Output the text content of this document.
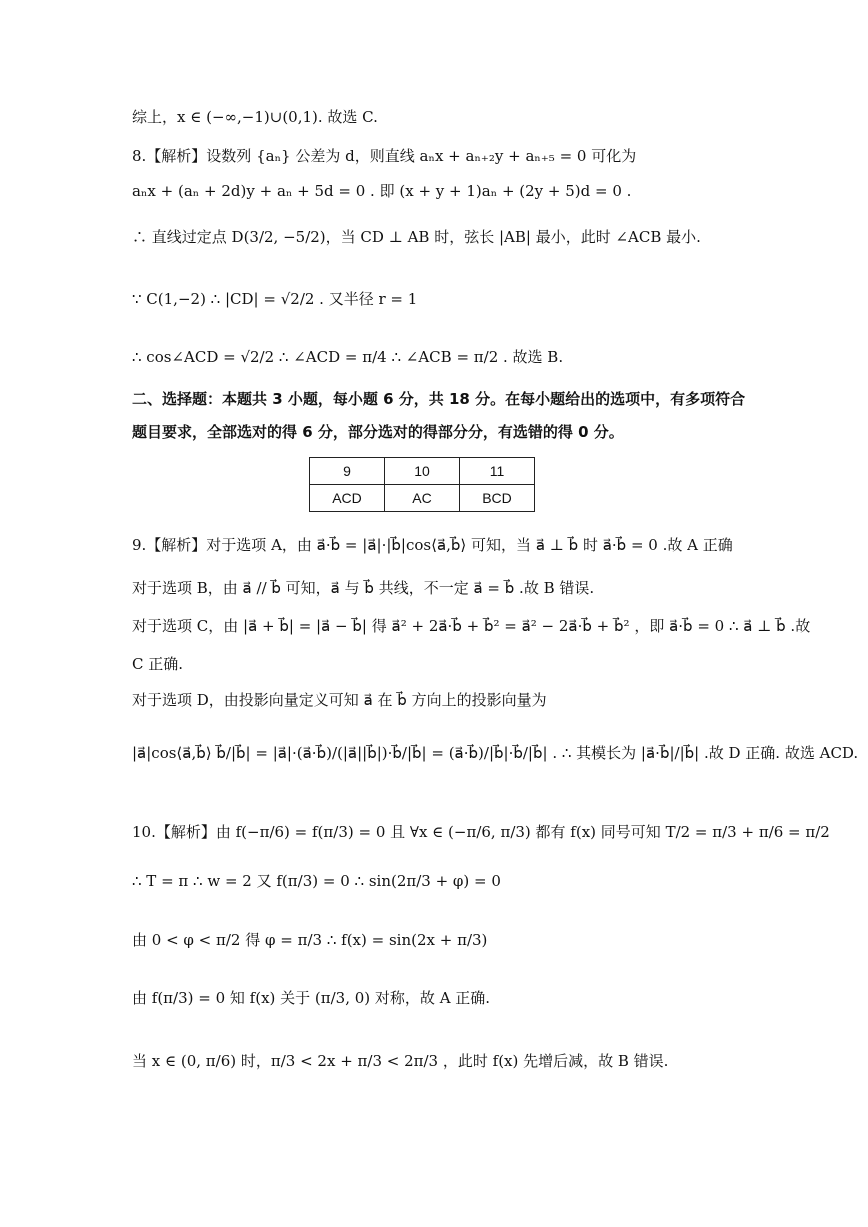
综上，x ∈ (−∞,−1)∪(0,1). 故选 C.
8.【解析】设数列 {aₙ} 公差为 d，则直线 aₙx + aₙ₊₂y + aₙ₊₅ = 0 可化为
aₙx + (aₙ + 2d)y + aₙ + 5d = 0 . 即 (x + y + 1)aₙ + (2y + 5)d = 0 .
∴ 直线过定点 D(3/2, −5/2)，当 CD ⊥ AB 时，弦长 |AB| 最小，此时 ∠ACB 最小.
∵ C(1,−2) ∴ |CD| = √2/2 . 又半径 r = 1
∴ cos∠ACD = √2/2 ∴ ∠ACD = π/4 ∴ ∠ACB = π/2 . 故选 B.
二、选择题：本题共 3 小题，每小题 6 分，共 18 分。在每小题给出的选项中，有多项符合
题目要求，全部选对的得 6 分，部分选对的得部分分，有选错的得 0 分。
9	10	11
ACD	AC	BCD
9.【解析】对于选项 A，由 a⃗·b⃗ = |a⃗|·|b⃗|cos⟨a⃗,b⃗⟩ 可知，当 a⃗ ⊥ b⃗ 时 a⃗·b⃗ = 0 .故 A 正确
对于选项 B，由 a⃗ // b⃗ 可知，a⃗ 与 b⃗ 共线，不一定 a⃗ = b⃗ .故 B 错误.
对于选项 C，由 |a⃗ + b⃗| = |a⃗ − b⃗| 得 a⃗² + 2a⃗·b⃗ + b⃗² = a⃗² − 2a⃗·b⃗ + b⃗² ，即 a⃗·b⃗ = 0 ∴ a⃗ ⊥ b⃗ .故
C 正确.
对于选项 D，由投影向量定义可知 a⃗ 在 b⃗ 方向上的投影向量为
|a⃗|cos⟨a⃗,b⃗⟩ b⃗/|b⃗| = |a⃗|·(a⃗·b⃗)/(|a⃗||b⃗|)·b⃗/|b⃗| = (a⃗·b⃗)/|b⃗|·b⃗/|b⃗| . ∴ 其模长为 |a⃗·b⃗|/|b⃗| .故 D 正确. 故选 ACD.
10.【解析】由 f(−π/6) = f(π/3) = 0 且 ∀x ∈ (−π/6, π/3) 都有 f(x) 同号可知 T/2 = π/3 + π/6 = π/2
∴ T = π ∴ w = 2 又 f(π/3) = 0 ∴ sin(2π/3 + φ) = 0
由 0 < φ < π/2 得 φ = π/3 ∴ f(x) = sin(2x + π/3)
由 f(π/3) = 0 知 f(x) 关于 (π/3, 0) 对称，故 A 正确.
当 x ∈ (0, π/6) 时，π/3 < 2x + π/3 < 2π/3 ，此时 f(x) 先增后减，故 B 错误.
